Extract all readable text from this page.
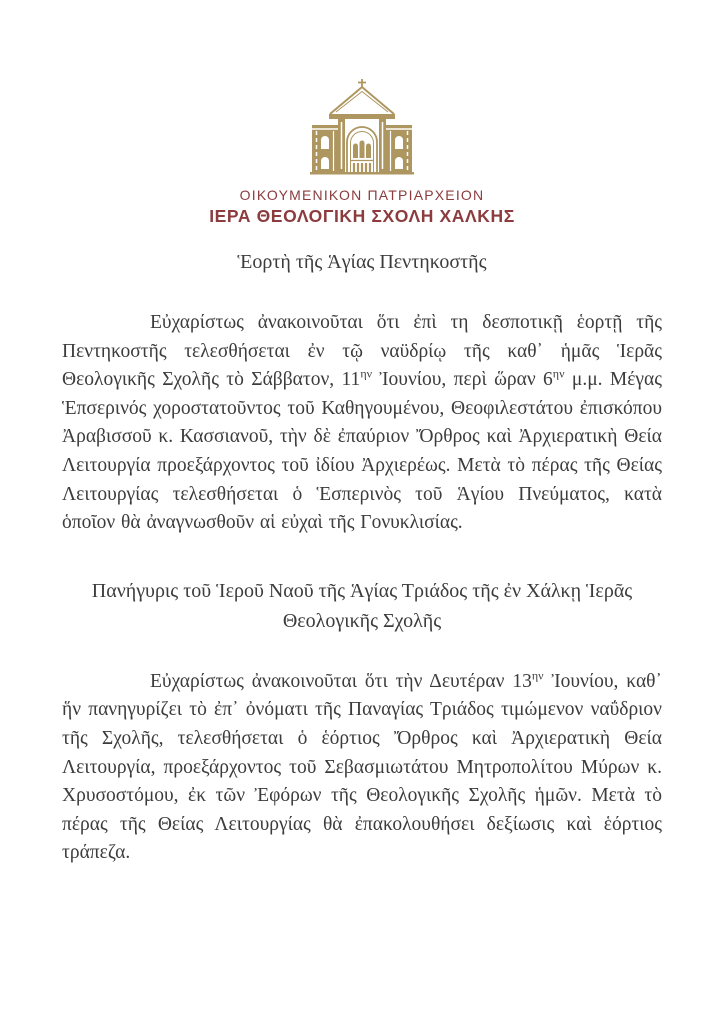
ΟΙΚΟΥΜΕΝΙΚΟΝ ΠΑΤΡΙΑΡΧΕΙΟΝ
ΙΕΡΑ ΘΕΟΛΟΓΙΚΗ ΣΧΟΛΗ ΧΑΛΚΗΣ
Ἑορτὴ τῆς Ἁγίας Πεντηκοστῆς

Εὐχαρίστως ἀνακοινοῦται ὅτι ἐπὶ τη δεσποτικῇ ἑορτῇ τῆς Πεντηκοστῆς τελεσθήσεται ἐν τῷ ναϋδρίῳ τῆς καθ᾽ ἡμᾶς Ἱερᾶς Θεολογικῆς Σχολῆς τὸ Σάββατον, $11^{\eta\nu}$ Ἰουνίου, περὶ ὥραν $6^{\eta\nu}$ μ.μ. Μέγας Ἑπσερινός χοροστατοῦντος τοῦ Καθηγουμένου, Θεοφιλεστάτου ἐπισκόπου Ἀραβισσοῦ κ. Κασσιανοῦ, τὴν δὲ ἐπαύριον Ὄρθρος καὶ Ἀρχιερατικὴ Θεία Λειτουργία προεξάρχοντος τοῦ ἰδίου Ἀρχιερέως. Μετὰ τὸ πέρας τῆς Θείας Λειτουργίας τελεσθήσεται ὁ Ἑσπερινὸς τοῦ Ἁγίου Πνεύματος, κατὰ ὁποῖον θὰ ἀναγνωσθοῦν αἱ εὐχαὶ τῆς Γονυκλισίας.

Πανήγυρις τοῦ Ἱεροῦ Ναοῦ τῆς Ἁγίας Τριάδος τῆς ἐν Χάλκῃ Ἱερᾶς
Θεολογικῆς Σχολῆς

Εὐχαρίστως ἀνακοινοῦται ὅτι τὴν Δευτέραν $13^{\eta\nu}$ Ἰουνίου, καθ᾽ ἥν πανηγυρίζει τὸ ἐπ᾽ ὀνόματι τῆς Παναγίας Τριάδος τιμώμενον ναΰδριον τῆς Σχολῆς, τελεσθήσεται ὁ ἑόρτιος Ὄρθρος καὶ Ἀρχιερατικὴ Θεία Λειτουργία, προεξάρχοντος τοῦ Σεβασμιωτάτου Μητροπολίτου Μύρων κ. Χρυσοστόμου, ἐκ τῶν Ἐφόρων τῆς Θεολογικῆς Σχολῆς ἡμῶν. Μετὰ τὸ πέρας τῆς Θείας Λειτουργίας θὰ ἐπακολουθήσει δεξίωσις καὶ ἑόρτιος τράπεζα.
